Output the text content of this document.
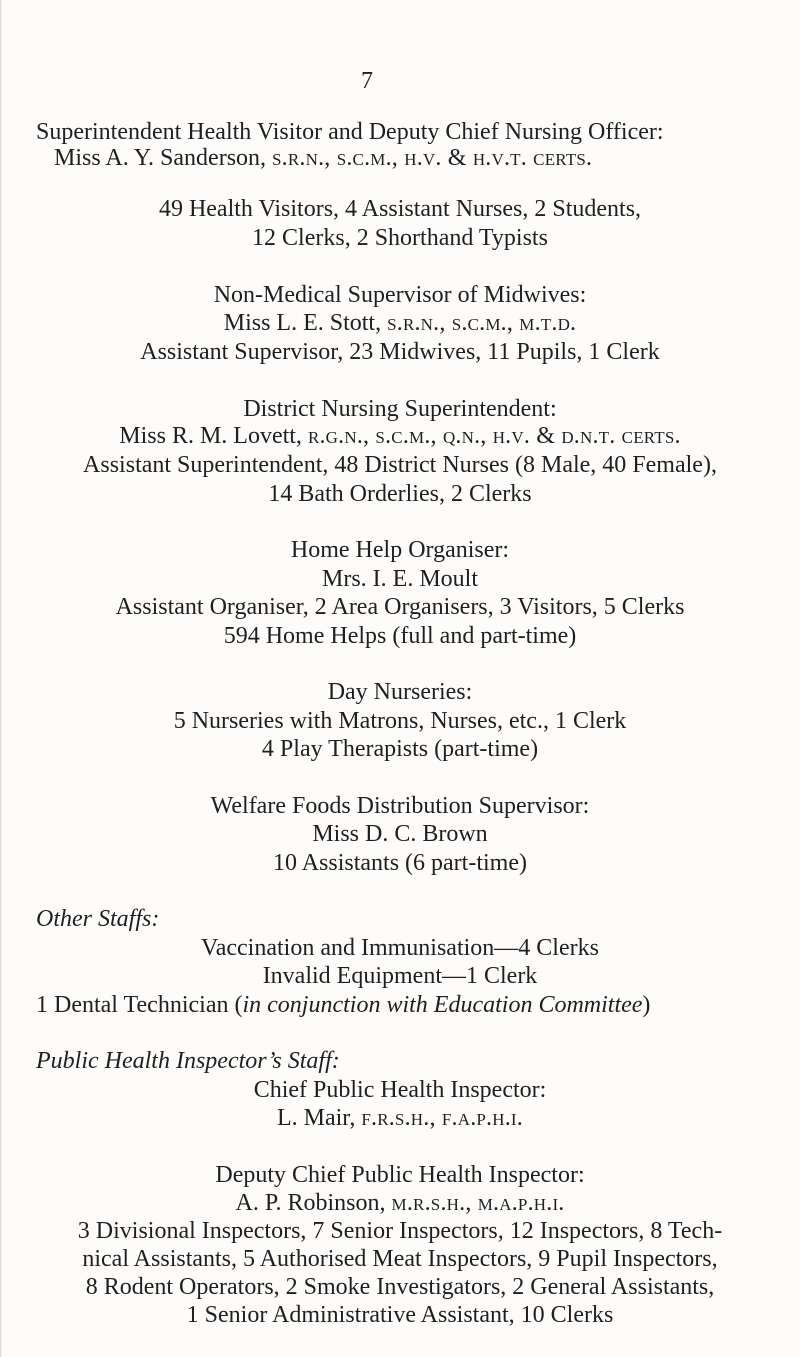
7
Superintendent Health Visitor and Deputy Chief Nursing Officer:
Miss A. Y. Sanderson, s.r.n., s.c.m., h.v. & h.v.t. certs.
49 Health Visitors, 4 Assistant Nurses, 2 Students,
12 Clerks, 2 Shorthand Typists
Non-Medical Supervisor of Midwives:
Miss L. E. Stott, s.r.n., s.c.m., m.t.d.
Assistant Supervisor, 23 Midwives, 11 Pupils, 1 Clerk
District Nursing Superintendent:
Miss R. M. Lovett, r.g.n., s.c.m., q.n., h.v. & d.n.t. certs.
Assistant Superintendent, 48 District Nurses (8 Male, 40 Female),
14 Bath Orderlies, 2 Clerks
Home Help Organiser:
Mrs. I. E. Moult
Assistant Organiser, 2 Area Organisers, 3 Visitors, 5 Clerks
594 Home Helps (full and part-time)
Day Nurseries:
5 Nurseries with Matrons, Nurses, etc., 1 Clerk
4 Play Therapists (part-time)
Welfare Foods Distribution Supervisor:
Miss D. C. Brown
10 Assistants (6 part-time)
Other Staffs:
Vaccination and Immunisation—4 Clerks
Invalid Equipment—1 Clerk
1 Dental Technician (in conjunction with Education Committee)
Public Health Inspector’s Staff:
Chief Public Health Inspector:
L. Mair, f.r.s.h., f.a.p.h.i.
Deputy Chief Public Health Inspector:
A. P. Robinson, m.r.s.h., m.a.p.h.i.
3 Divisional Inspectors, 7 Senior Inspectors, 12 Inspectors, 8 Tech-
nical Assistants, 5 Authorised Meat Inspectors, 9 Pupil Inspectors,
8 Rodent Operators, 2 Smoke Investigators, 2 General Assistants,
1 Senior Administrative Assistant, 10 Clerks
